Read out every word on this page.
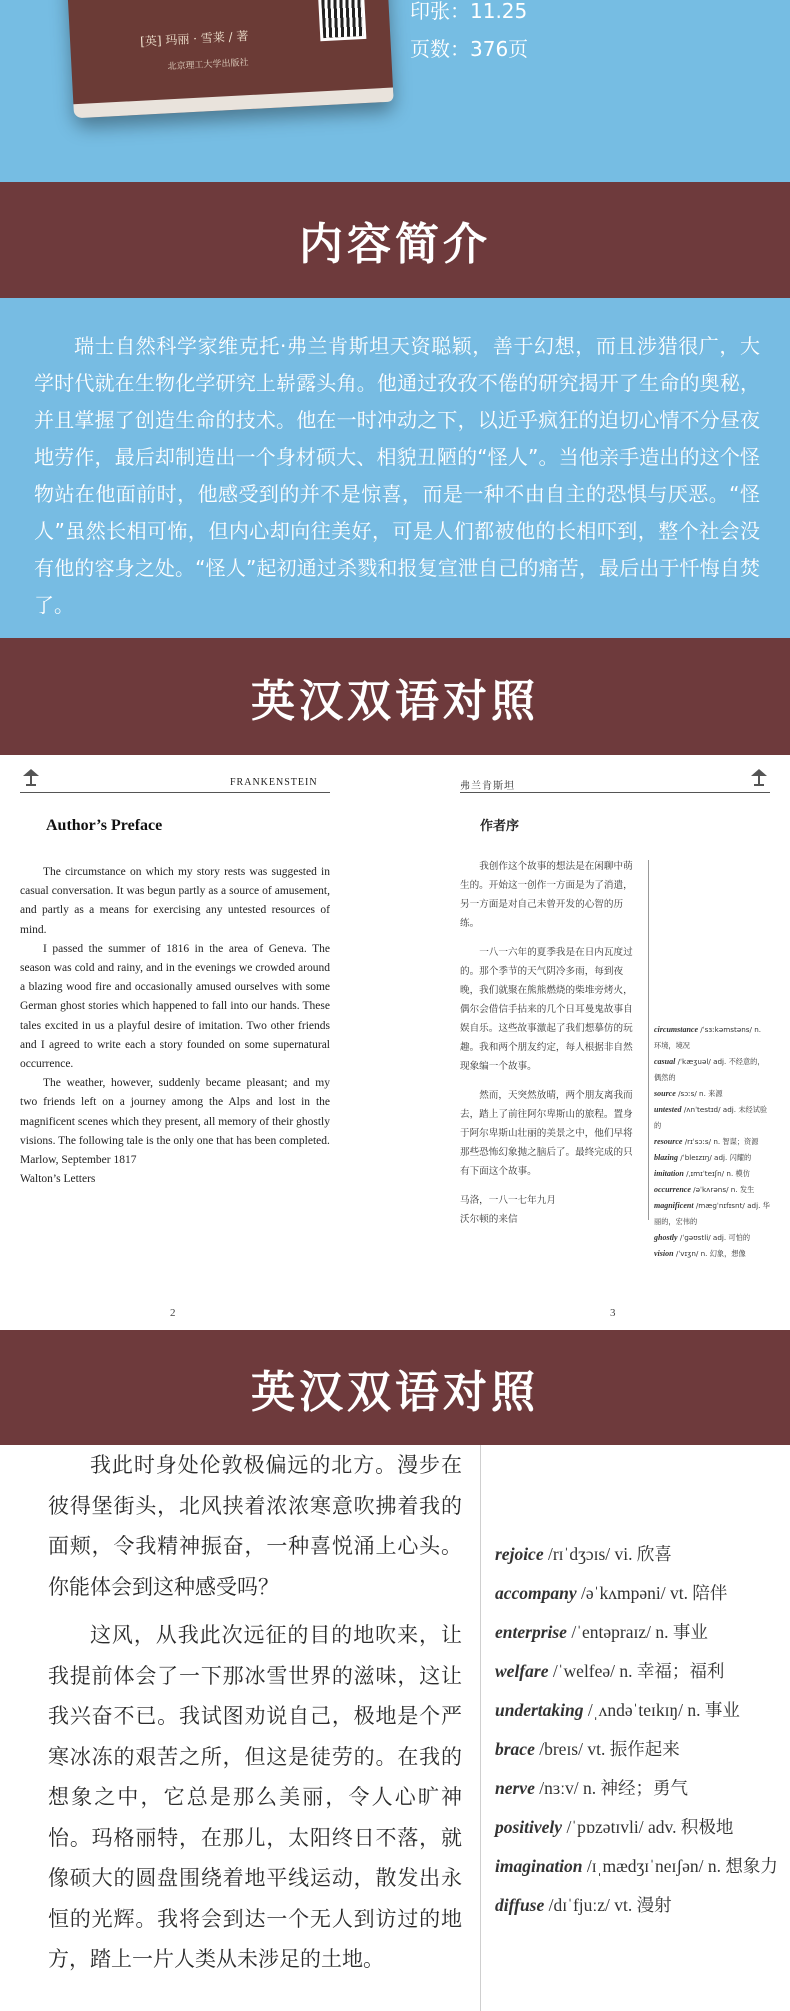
[英] 玛丽 · 雪莱 / 著
北京理工大学出版社
印张：11.25
页数：376页
内容简介

瑞士自然科学家维克托·弗兰肯斯坦天资聪颖，善于幻想，而且涉猎很广，大学时代就在生物化学研究上崭露头角。他通过孜孜不倦的研究揭开了生命的奥秘，并且掌握了创造生命的技术。他在一时冲动之下，以近乎疯狂的迫切心情不分昼夜地劳作，最后却制造出一个身材硕大、相貌丑陋的“怪人”。当他亲手造出的这个怪物站在他面前时，他感受到的并不是惊喜，而是一种不由自主的恐惧与厌恶。“怪人”虽然长相可怖，但内心却向往美好，可是人们都被他的长相吓到，整个社会没有他的容身之处。“怪人”起初通过杀戮和报复宣泄自己的痛苦，最后出于忏悔自焚了。

英汉双语对照
FRANKENSTEIN
Author’s Preface

The circumstance on which my story rests was suggested in casual conversation. It was begun partly as a source of amusement, and partly as a means for exercising any untested resources of mind.

I passed the summer of 1816 in the area of Geneva. The season was cold and rainy, and in the evenings we crowded around a blazing wood fire and occasionally amused ourselves with some German ghost stories which happened to fall into our hands. These tales excited in us a playful desire of imitation. Two other friends and I agreed to write each a story founded on some supernatural occurrence.

The weather, however, suddenly became pleasant; and my two friends left on a journey among the Alps and lost in the magnificent scenes which they present, all memory of their ghostly visions. The following tale is the only one that has been completed.

Marlow, September 1817

Walton’s Letters

2
弗兰肯斯坦
作者序

我创作这个故事的想法是在闲聊中萌生的。开始这一创作一方面是为了消遣，另一方面是对自己未曾开发的心智的历练。

一八一六年的夏季我是在日内瓦度过的。那个季节的天气阴冷多雨，每到夜晚，我们就聚在熊熊燃烧的柴堆旁烤火，偶尔会借信手拈来的几个日耳曼鬼故事自娱自乐。这些故事激起了我们想摹仿的玩趣。我和两个朋友约定，每人根据非自然现象编一个故事。

然而，天突然放晴，两个朋友离我而去，踏上了前往阿尔卑斯山的旅程。置身于阿尔卑斯山壮丽的美景之中，他们早将那些恐怖幻象抛之脑后了。最终完成的只有下面这个故事。

马洛，一八一七年九月

沃尔顿的来信

circumstance /ˈsɜːkəmstəns/ n. 环境，境况
casual /ˈkæʒuəl/ adj. 不经意的，偶然的
source /sɔːs/ n. 来源
untested /ʌnˈtestɪd/ adj. 未经试验的
resource /rɪˈsɔːs/ n. 智谋；资源
blazing /ˈbleɪzɪŋ/ adj. 闪耀的
imitation /ˌɪmɪˈteɪʃn/ n. 模仿
occurrence /əˈkʌrəns/ n. 发生
magnificent /mæɡˈnɪfɪsnt/ adj. 华丽的，宏伟的
ghostly /ˈɡəʊstli/ adj. 可怕的
vision /ˈvɪʒn/ n. 幻象，想像
3
英汉双语对照

我此时身处伦敦极偏远的北方。漫步在彼得堡街头，北风挟着浓浓寒意吹拂着我的面颊，令我精神振奋，一种喜悦涌上心头。你能体会到这种感受吗？

这风，从我此次远征的目的地吹来，让我提前体会了一下那冰雪世界的滋味，这让我兴奋不已。我试图劝说自己，极地是个严寒冰冻的艰苦之所，但这是徒劳的。在我的想象之中，它总是那么美丽，令人心旷神怡。玛格丽特，在那儿，太阳终日不落，就像硕大的圆盘围绕着地平线运动，散发出永恒的光辉。我将会到达一个无人到访过的地方，踏上一片人类从未涉足的土地。

rejoice /rɪˈdʒɔɪs/ vi. 欣喜
accompany /əˈkʌmpəni/ vt. 陪伴
enterprise /ˈentəpraɪz/ n. 事业
welfare /ˈwelfeə/ n. 幸福；福利
undertaking /ˌʌndəˈteɪkɪŋ/ n. 事业
brace /breɪs/ vt. 振作起来
nerve /nɜːv/ n. 神经；勇气
positively /ˈpɒzətɪvli/ adv. 积极地
imagination /ɪˌmædʒɪˈneɪʃən/ n. 想象力
diffuse /dɪˈfjuːz/ vt. 漫射
